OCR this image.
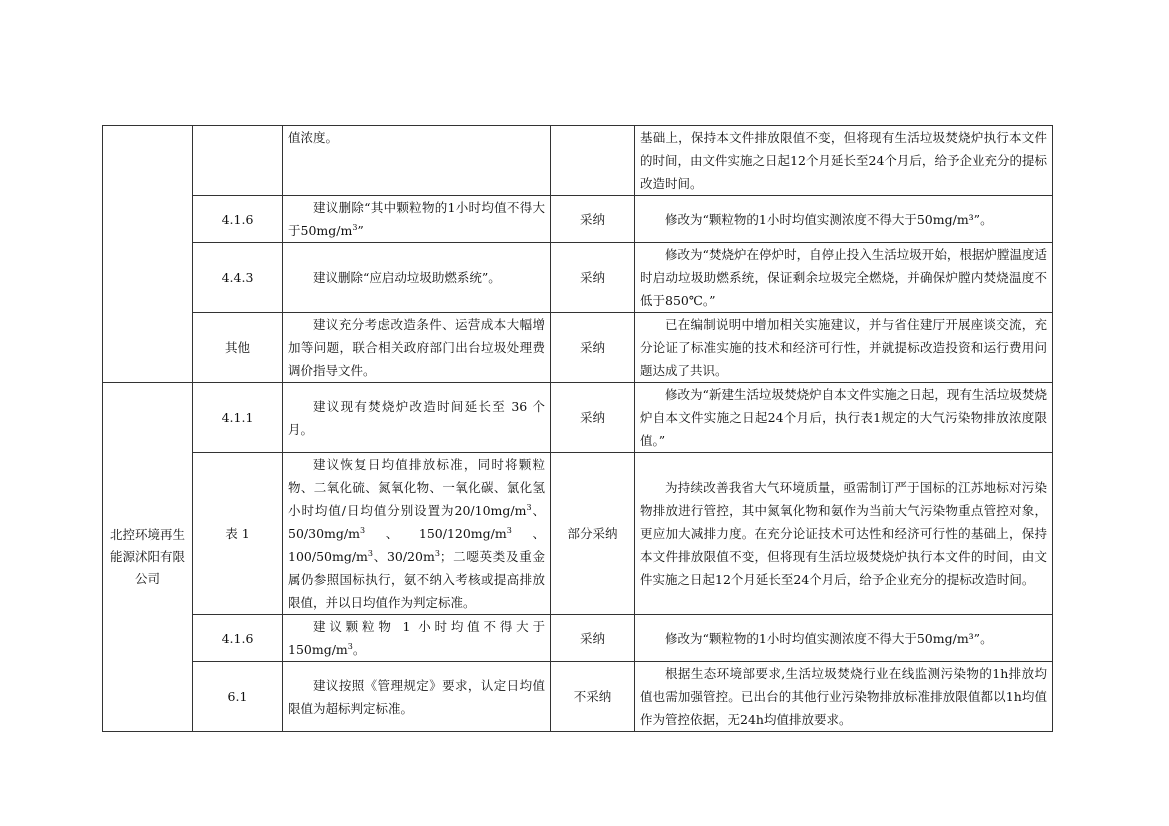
		值浓度。		基础上，保持本文件排放限值不变，但将现有生活垃圾焚烧炉执行本文件的时间，由文件实施之日起12个月延长至24个月后，给予企业充分的提标改造时间。

	4.1.6	建议删除“其中颗粒物的1小时均值不得大于$50mg/m^3$”	采纳	修改为“颗粒物的1小时均值实测浓度不得大于50mg/m³”。

	4.4.3	建议删除“应启动垃圾助燃系统”。	采纳	修改为“焚烧炉在停炉时，自停止投入生活垃圾开始，根据炉膛温度适时启动垃圾助燃系统，保证剩余垃圾完全燃烧，并确保炉膛内焚烧温度不低于850℃。”

	其他	建议充分考虑改造条件、运营成本大幅增加等问题，联合相关政府部门出台垃圾处理费调价指导文件。	采纳	已在编制说明中增加相关实施建议，并与省住建厅开展座谈交流，充分论证了标准实施的技术和经济可行性，并就提标改造投资和运行费用问题达成了共识。

北控环境再生能源沭阳有限公司	4.1.1	建议现有焚烧炉改造时间延长至 36 个月。	采纳	修改为“新建生活垃圾焚烧炉自本文件实施之日起，现有生活垃圾焚烧炉自本文件实施之日起24个月后，执行表1规定的大气污染物排放浓度限值。”

	表 1	建议恢复日均值排放标准，同时将颗粒物、二氧化硫、氮氧化物、一氧化碳、氯化氢小时均值/日均值分别设置为$20/10mg/m^3$、$50/30mg/m^3$、$150/120mg/m^3$、$100/50mg/m^3$、$30/20m^3$；二噁英类及重金属仍参照国标执行，氨不纳入考核或提高排放限值，并以日均值作为判定标准。	部分采纳	为持续改善我省大气环境质量，亟需制订严于国标的江苏地标对污染物排放进行管控，其中氮氧化物和氨作为当前大气污染物重点管控对象，更应加大减排力度。在充分论证技术可达性和经济可行性的基础上，保持本文件排放限值不变，但将现有生活垃圾焚烧炉执行本文件的时间，由文件实施之日起12个月延长至24个月后，给予企业充分的提标改造时间。

	4.1.6	建议颗粒物 1 小时均值不得大于$150mg/m^3$。	采纳	修改为“颗粒物的1小时均值实测浓度不得大于50mg/m³”。

	6.1	建议按照《管理规定》要求，认定日均值限值为超标判定标准。	不采纳	根据生态环境部要求,生活垃圾焚烧行业在线监测污染物的1h排放均值也需加强管控。已出台的其他行业污染物排放标准排放限值都以1h均值作为管控依据，无24h均值排放要求。
